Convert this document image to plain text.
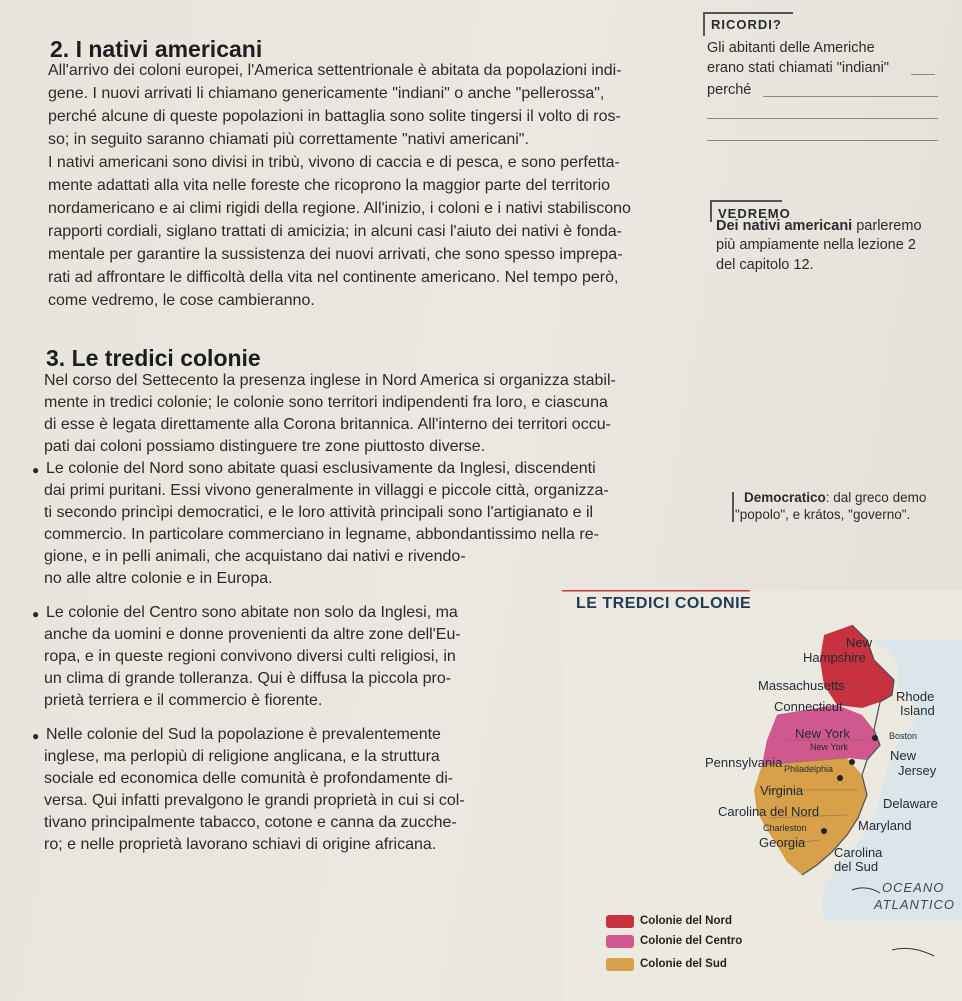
2. I nativi americani
All'arrivo dei coloni europei, l'America settentrionale è abitata da popolazioni indi-
gene. I nuovi arrivati li chiamano genericamente "indiani" o anche "pellerossa",
perché alcune di queste popolazioni in battaglia sono solite tingersi il volto di ros-
so; in seguito saranno chiamati più correttamente "nativi americani".
I nativi americani sono divisi in tribù, vivono di caccia e di pesca, e sono perfetta-
mente adattati alla vita nelle foreste che ricoprono la maggior parte del territorio
nordamericano e ai climi rigidi della regione. All'inizio, i coloni e i nativi stabiliscono
rapporti cordiali, siglano trattati di amicizia; in alcuni casi l'aiuto dei nativi è fonda-
mentale per garantire la sussistenza dei nuovi arrivati, che sono spesso imprepa-
rati ad affrontare le difficoltà della vita nel continente americano. Nel tempo però,
come vedremo, le cose cambieranno.
RICORDI?
Gli abitanti delle Americhe
erano stati chiamati "indiani"
perché
VEDREMO
Dei nativi americani parleremo
più ampiamente nella lezione 2
del capitolo 12.
3. Le tredici colonie
Nel corso del Settecento la presenza inglese in Nord America si organizza stabil-
mente in tredici colonie; le colonie sono territori indipendenti fra loro, e ciascuna
di esse è legata direttamente alla Corona britannica. All'interno dei territori occu-
pati dai coloni possiamo distinguere tre zone piuttosto diverse.
● Le colonie del Nord sono abitate quasi esclusivamente da Inglesi, discendenti
dai primi puritani. Essi vivono generalmente in villaggi e piccole città, organizza-
ti secondo princìpi democratici, e le loro attività principali sono l'artigianato e il
commercio. In particolare commerciano in legname, abbondantissimo nella re-
gione, e in pelli animali, che acquistano dai nativi e rivendo-
no alle altre colonie e in Europa.
● Le colonie del Centro sono abitate non solo da Inglesi, ma
anche da uomini e donne provenienti da altre zone dell'Eu-
ropa, e in queste regioni convivono diversi culti religiosi, in
un clima di grande tolleranza. Qui è diffusa la piccola pro-
prietà terriera e il commercio è fiorente.
● Nelle colonie del Sud la popolazione è prevalentemente
inglese, ma perlopiù di religione anglicana, e la struttura
sociale ed economica delle comunità è profondamente di-
versa. Qui infatti prevalgono le grandi proprietà in cui si col-
tivano principalmente tabacco, cotone e canna da zucche-
ro; e nelle proprietà lavorano schiavi di origine africana.
Democratico: dal greco demo
"popolo", e krátos, "governo".
LE TREDICI COLONIE
New
Hampshire
Massachusetts
Rhode
Island
Connecticut
New York	Boston
New York
Pennsylvania	New
Jersey
Philadelphia
Virginia
Delaware
Carolina del Nord
Charleston	Maryland
Georgia
Carolina
del Sud
OCEANO
ATLANTICO
Colonie del Nord
Colonie del Centro
Colonie del Sud
